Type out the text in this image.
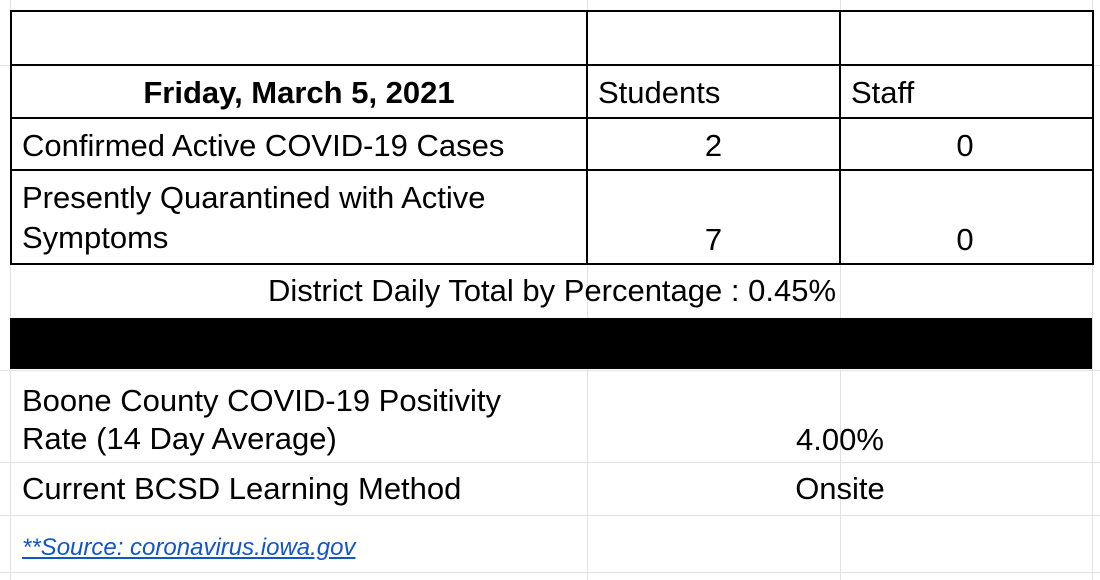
Friday, March 5, 2021	Students	Staff
Confirmed Active COVID-19 Cases	2	0
Presently Quarantined with Active
Symptoms	7	0
District Daily Total by Percentage : 0.45%
Boone County COVID-19 Positivity
Rate (14 Day Average)	4.00%
Current BCSD Learning Method	Onsite
**Source: coronavirus.iowa.gov
